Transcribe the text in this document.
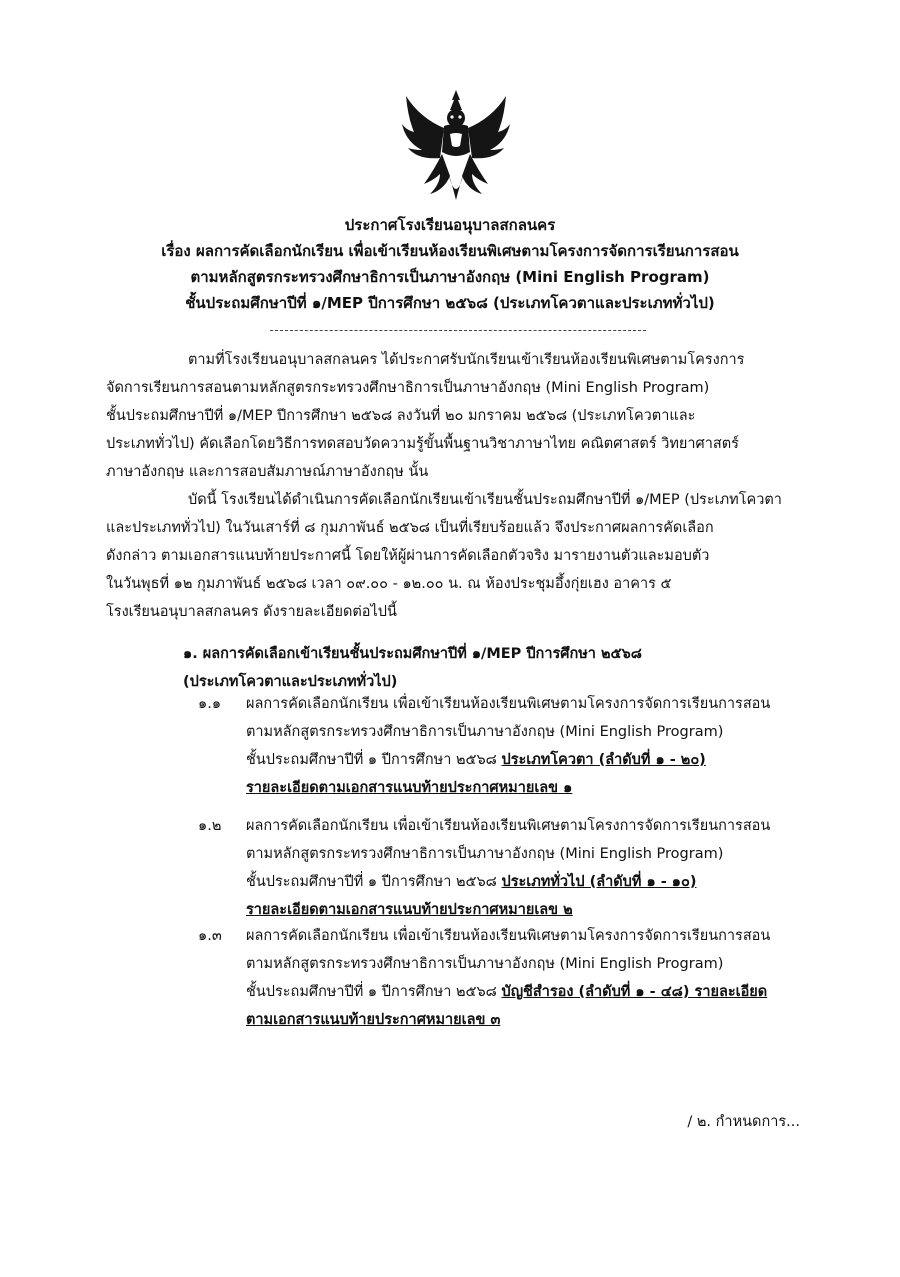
ประกาศโรงเรียนอนุบาลสกลนคร
เรื่อง ผลการคัดเลือกนักเรียน เพื่อเข้าเรียนห้องเรียนพิเศษตามโครงการจัดการเรียนการสอน
ตามหลักสูตรกระทรวงศึกษาธิการเป็นภาษาอังกฤษ (Mini English Program)
ชั้นประถมศึกษาปีที่ ๑/MEP ปีการศึกษา ๒๕๖๘ (ประเภทโควตาและประเภททั่วไป)
ตามที่โรงเรียนอนุบาลสกลนคร ได้ประกาศรับนักเรียนเข้าเรียนห้องเรียนพิเศษตามโครงการ
จัดการเรียนการสอนตามหลักสูตรกระทรวงศึกษาธิการเป็นภาษาอังกฤษ (Mini English Program)
ชั้นประถมศึกษาปีที่ ๑/MEP ปีการศึกษา ๒๕๖๘ ลงวันที่ ๒๐ มกราคม ๒๕๖๘ (ประเภทโควตาและ
ประเภททั่วไป) คัดเลือกโดยวิธีการทดสอบวัดความรู้ขั้นพื้นฐานวิชาภาษาไทย คณิตศาสตร์ วิทยาศาสตร์
ภาษาอังกฤษ และการสอบสัมภาษณ์ภาษาอังกฤษ นั้น
บัดนี้ โรงเรียนได้ดำเนินการคัดเลือกนักเรียนเข้าเรียนชั้นประถมศึกษาปีที่ ๑/MEP (ประเภทโควตา
และประเภททั่วไป) ในวันเสาร์ที่ ๘ กุมภาพันธ์ ๒๕๖๘ เป็นที่เรียบร้อยแล้ว จึงประกาศผลการคัดเลือก
ดังกล่าว ตามเอกสารแนบท้ายประกาศนี้ โดยให้ผู้ผ่านการคัดเลือกตัวจริง มารายงานตัวและมอบตัว
ในวันพุธที่ ๑๒ กุมภาพันธ์ ๒๕๖๘ เวลา ๐๙.๐๐ - ๑๒.๐๐ น. ณ ห้องประชุมอึ้งกุ่ยเฮง อาคาร ๕
โรงเรียนอนุบาลสกลนคร ดังรายละเอียดต่อไปนี้
๑. ผลการคัดเลือกเข้าเรียนชั้นประถมศึกษาปีที่ ๑/MEP ปีการศึกษา ๒๕๖๘
(ประเภทโควตาและประเภททั่วไป)
๑.๑	ผลการคัดเลือกนักเรียน เพื่อเข้าเรียนห้องเรียนพิเศษตามโครงการจัดการเรียนการสอน
ตามหลักสูตรกระทรวงศึกษาธิการเป็นภาษาอังกฤษ (Mini English Program)
ชั้นประถมศึกษาปีที่ ๑ ปีการศึกษา ๒๕๖๘ ประเภทโควตา (ลำดับที่ ๑ - ๒๐)
รายละเอียดตามเอกสารแนบท้ายประกาศหมายเลข ๑
๑.๒	ผลการคัดเลือกนักเรียน เพื่อเข้าเรียนห้องเรียนพิเศษตามโครงการจัดการเรียนการสอน
ตามหลักสูตรกระทรวงศึกษาธิการเป็นภาษาอังกฤษ (Mini English Program)
ชั้นประถมศึกษาปีที่ ๑ ปีการศึกษา ๒๕๖๘ ประเภททั่วไป (ลำดับที่ ๑ - ๑๐)
รายละเอียดตามเอกสารแนบท้ายประกาศหมายเลข ๒
๑.๓	ผลการคัดเลือกนักเรียน เพื่อเข้าเรียนห้องเรียนพิเศษตามโครงการจัดการเรียนการสอน
ตามหลักสูตรกระทรวงศึกษาธิการเป็นภาษาอังกฤษ (Mini English Program)
ชั้นประถมศึกษาปีที่ ๑ ปีการศึกษา ๒๕๖๘ บัญชีสำรอง (ลำดับที่ ๑ - ๔๘) รายละเอียด
ตามเอกสารแนบท้ายประกาศหมายเลข ๓
/ ๒. กำหนดการ...
